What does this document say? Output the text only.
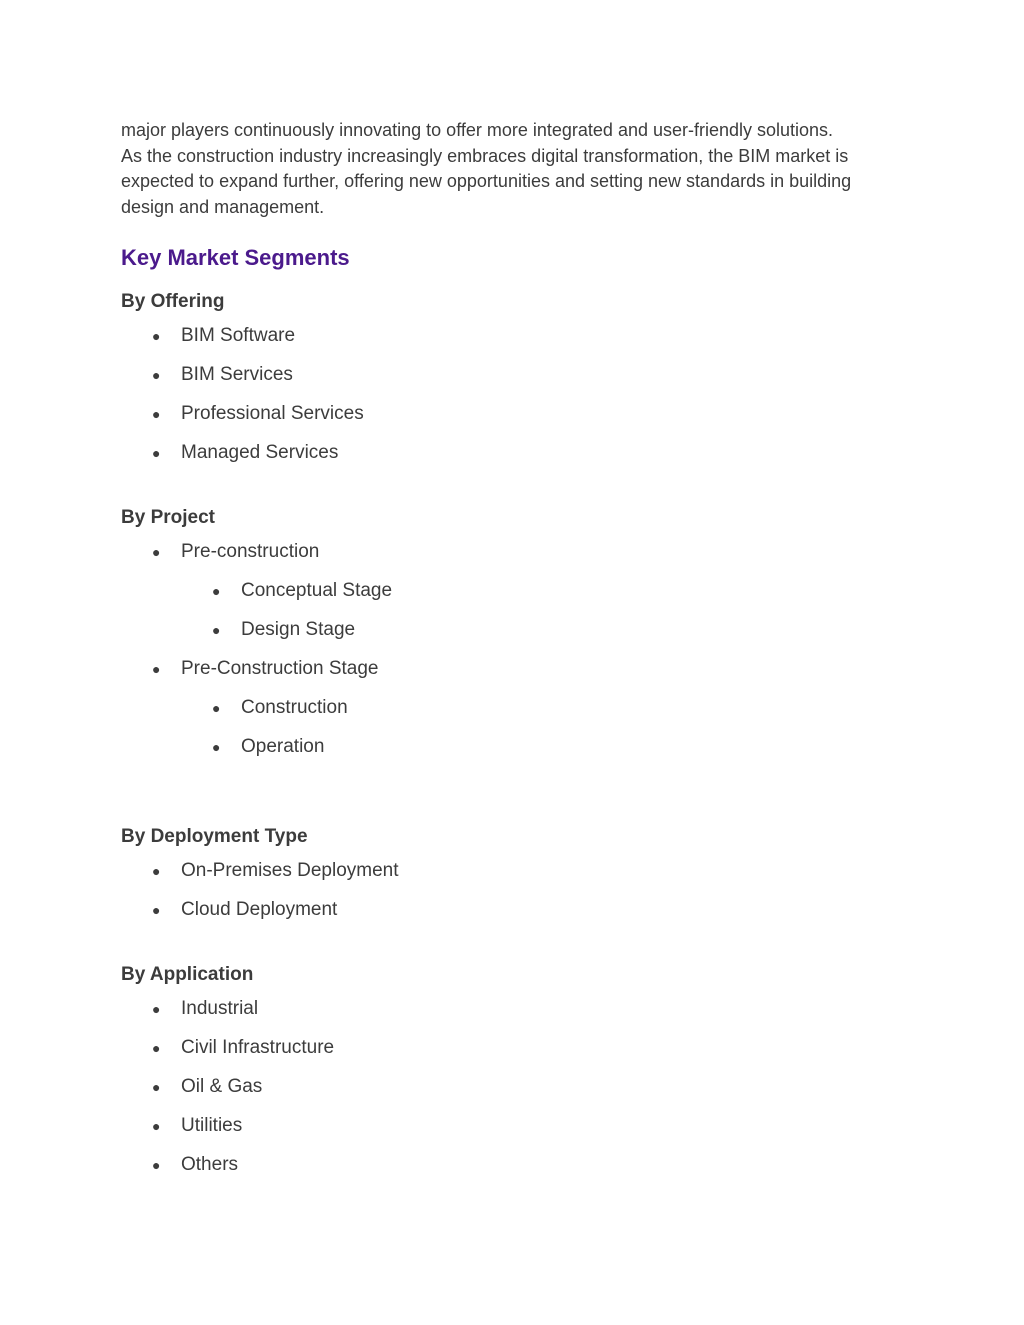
major players continuously innovating to offer more integrated and user-friendly solutions.
As the construction industry increasingly embraces digital transformation, the BIM market is
expected to expand further, offering new opportunities and setting new standards in building
design and management.

Key Market Segments
By Offering
● BIM Software
● BIM Services
● Professional Services
● Managed Services
By Project
● Pre-construction
● Conceptual Stage
● Design Stage
● Pre-Construction Stage
● Construction
● Operation
By Deployment Type
● On-Premises Deployment
● Cloud Deployment
By Application
● Industrial
● Civil Infrastructure
● Oil & Gas
● Utilities
● Others
